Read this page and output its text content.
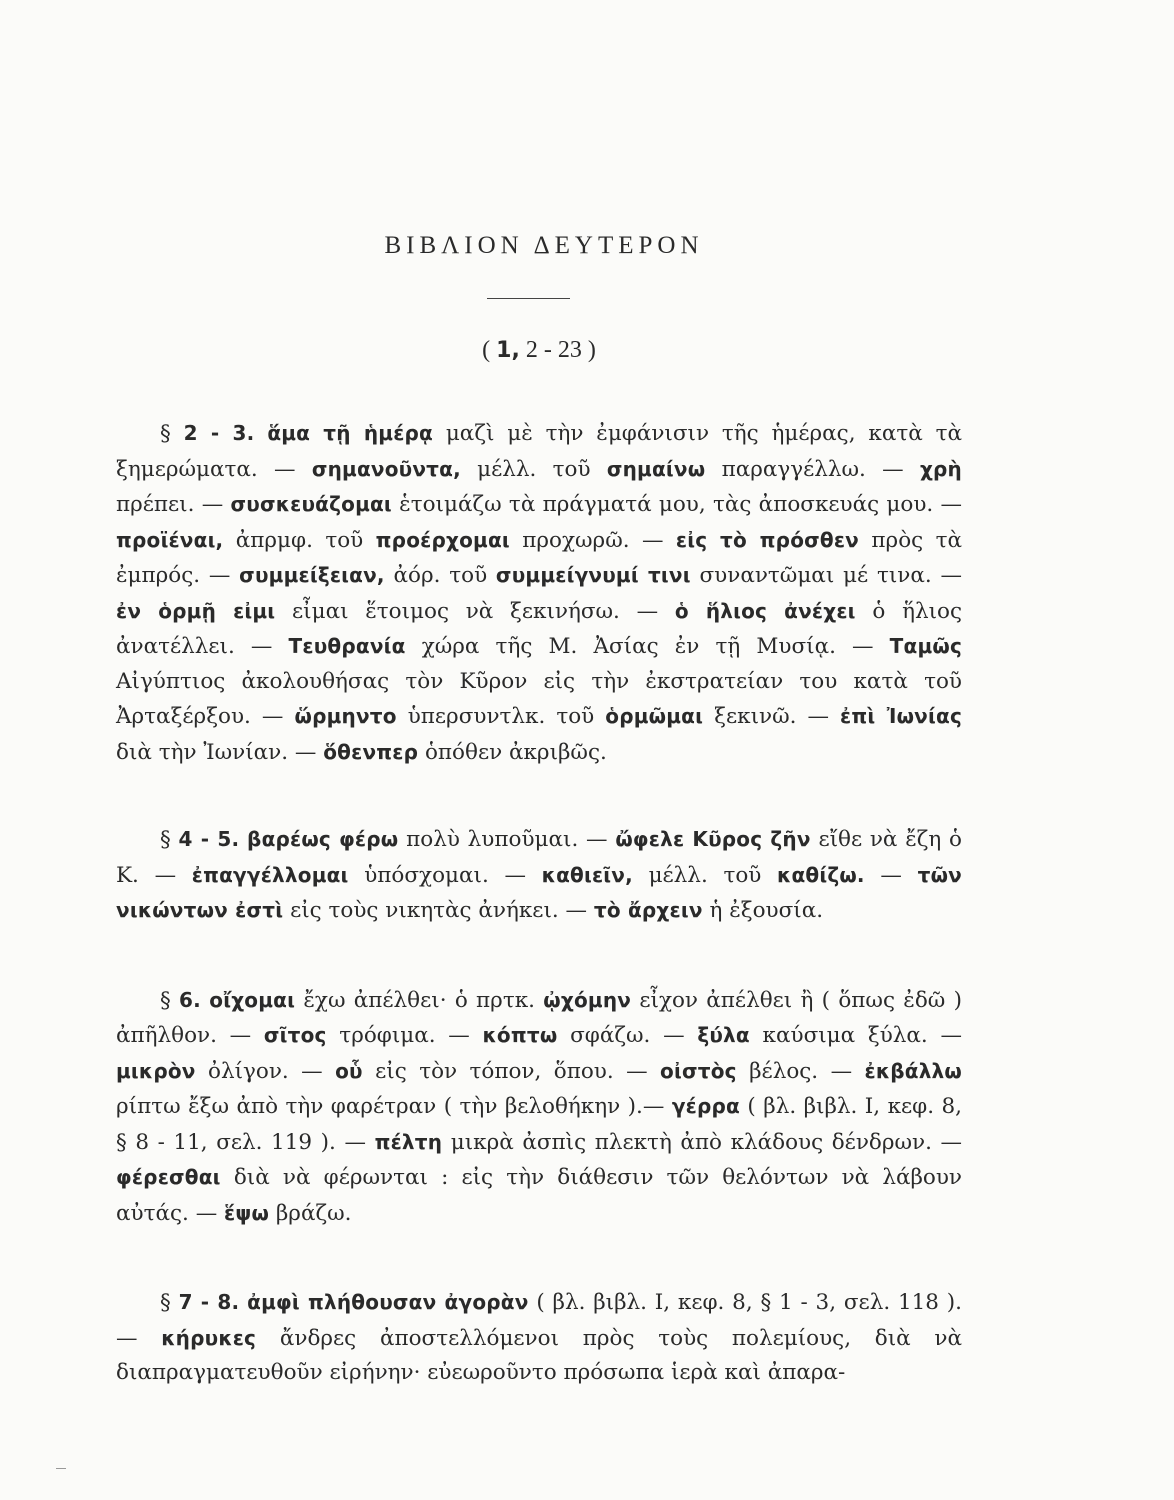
ΒΙΒΛΙΟΝ ΔΕΥΤΕΡΟΝ
( 1, 2 - 23 )

§ 2 - 3. ἅμα τῇ ἡμέρᾳ μαζὶ μὲ τὴν ἐμφάνισιν τῆς ἡμέρας, κατὰ τὰ ξημερώματα. — σημανοῦντα, μέλλ. τοῦ σημαίνω παραγγέλλω. — χρὴ πρέπει. — συσκευάζομαι ἑτοιμάζω τὰ πράγματά μου, τὰς ἀποσκευάς μου. — προϊέναι, ἀπρμφ. τοῦ προέρχομαι προχωρῶ. — εἰς τὸ πρόσθεν πρὸς τὰ ἐμπρός. — συμμείξειαν, ἀόρ. τοῦ συμμείγνυμί τινι συναντῶμαι μέ τινα. — ἐν ὁρμῇ εἰμι εἶμαι ἕτοιμος νὰ ξεκινήσω. — ὁ ἥλιος ἀνέχει ὁ ἥλιος ἀνατέλλει. — Τευθρανία χώρα τῆς Μ. Ἀσίας ἐν τῇ Μυσίᾳ. — Ταμῶς Αἰγύπτιος ἀκολουθήσας τὸν Κῦρον εἰς τὴν ἐκστρατείαν του κατὰ τοῦ Ἀρταξέρξου. — ὥρμηντο ὑπερσυντλκ. τοῦ ὁρμῶμαι ξεκινῶ. — ἐπὶ Ἰωνίας διὰ τὴν Ἰωνίαν. — ὅθενπερ ὁπόθεν ἀκριβῶς.

§ 4 - 5. βαρέως φέρω πολὺ λυποῦμαι. — ὤφελε Κῦρος ζῆν εἴθε νὰ ἔζη ὁ Κ. — ἐπαγγέλλομαι ὑπόσχομαι. — καθιεῖν, μέλλ. τοῦ καθίζω. — τῶν νικώντων ἐστὶ εἰς τοὺς νικητὰς ἀνήκει. — τὸ ἄρχειν ἡ ἐξουσία.

§ 6. οἴχομαι ἔχω ἀπέλθει· ὁ πρτκ. ᾠχόμην εἶχον ἀπέλθει ἢ ( ὅπως ἐδῶ ) ἀπῆλθον. — σῖτος τρόφιμα. — κόπτω σφάζω. — ξύλα καύσιμα ξύλα. — μικρὸν ὀλίγον. — οὗ εἰς τὸν τόπον, ὅπου. — οἰστὸς βέλος. — ἐκβάλλω ρίπτω ἔξω ἀπὸ τὴν φαρέτραν ( τὴν βελοθήκην ).— γέρρα ( βλ. βιβλ. Ι, κεφ. 8, § 8 - 11, σελ. 119 ). — πέλτη μικρὰ ἀσπὶς πλεκτὴ ἀπὸ κλάδους δένδρων. — φέρεσθαι διὰ νὰ φέρωνται : εἰς τὴν διάθεσιν τῶν θελόντων νὰ λάβουν αὐτάς. — ἕψω βράζω.

§ 7 - 8. ἀμφὶ πλήθουσαν ἀγορὰν ( βλ. βιβλ. Ι, κεφ. 8, § 1 - 3, σελ. 118 ). — κήρυκες ἄνδρες ἀποστελλόμενοι πρὸς τοὺς πολεμίους, διὰ νὰ διαπραγματευθοῦν εἰρήνην· εὐεωροῦντο πρόσωπα ἱερὰ καὶ ἀπαρα-
